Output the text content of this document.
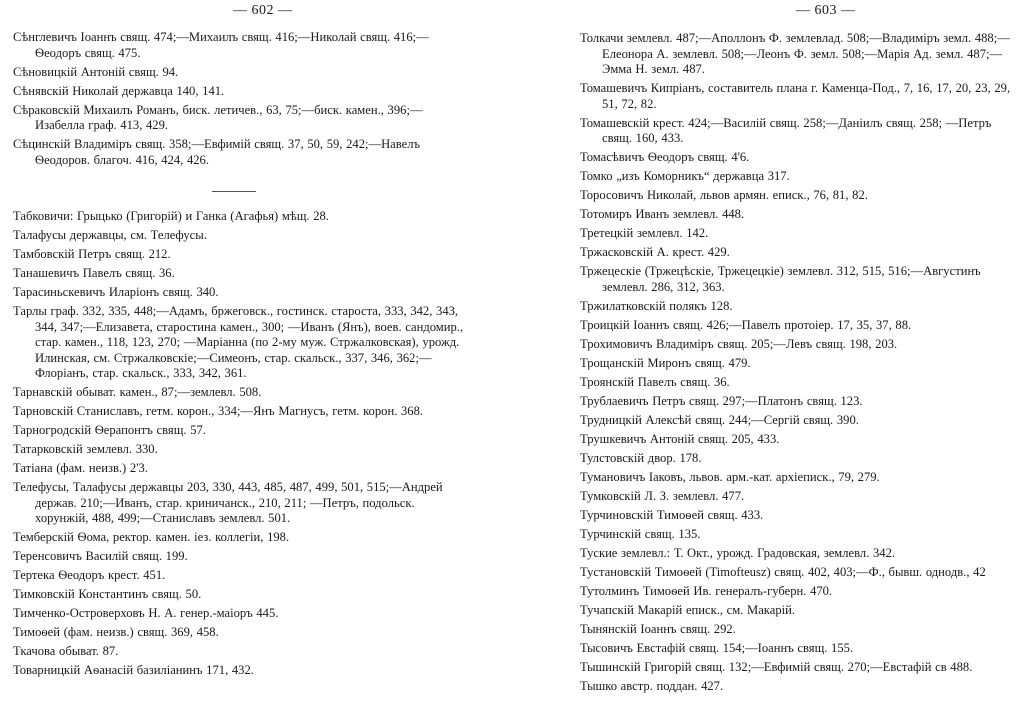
— 602 —
Сѣнглевичъ Іоаннъ свящ. 474;—Михаилъ свящ. 416;—Николай свящ. 416;—Ѳеодоръ свящ. 475.
Сѣновицкій Антоній свящ. 94.
Сѣнявскій Николай державца 140, 141.
Сѣраковскій Михаилъ Романъ, биск. летичев., 63, 75;—биск. камен., 396;—Изабелла граф. 413, 429.
Сѣцинскій Владиміръ свящ. 358;—Евфимій свящ. 37, 50, 59, 242;—Навелъ Ѳеодоров. благоч. 416, 424, 426.
Табковичи: Грыцько (Григорій) и Ганка (Агафья) мѣщ. 28.
Талафусы державцы, см. Телефусы.
Тамбовскій Петръ свящ. 212.
Танашевичъ Павелъ свящ. 36.
Тарасиньскевичъ Иларіонъ свящ. 340.
Тарлы граф. 332, 335, 448;—Адамъ, бржеговск., гостинск. староста, 333, 342, 343, 344, 347;—Елизавета, старостина камен., 300; —Иванъ (Янъ), воев. сандомир., стар. камен., 118, 123, 270; —Маріанна (по 2-му муж. Стржалковская), урожд. Илинская, см. Стржалковскіе;—Симеонъ, стар. скальск., 337, 346, 362;—Флоріанъ, стар. скальск., 333, 342, 361.
Тарнавскій обыват. камен., 87;—землевл. 508.
Тарновскій Станиславъ, гетм. корон., 334;—Янъ Магнусъ, гетм. корон. 368.
Тарногродскій Ѳерапонтъ свящ. 57.
Татарковскій землевл. 330.
Татіана (фам. неизв.) 2'3.
Телефусы, Талафусы державцы 203, 330, 443, 485, 487, 499, 501, 515;—Андрей держав. 210;—Иванъ, стар. криничанск., 210, 211; —Петръ, подольск. хорунжій, 488, 499;—Станиславъ землевл. 501.
Темберскій Ѳома, ректор. камен. іез. коллегіи, 198.
Теренсовичъ Василій свящ. 199.
Тертека Ѳеодоръ крест. 451.
Тимковскій Константинъ свящ. 50.
Тимченко-Островерховъ Н. А. генер.-маіоръ 445.
Тимоѳей (фам. неизв.) свящ. 369, 458.
Ткачова обыват. 87.
Товарницкій Аѳанасій базиліанинъ 171, 432.
— 603 —
Толкачи землевл. 487;—Аполлонъ Ф. землевлад. 508;—Владиміръ земл. 488;—Елеонора А. землевл. 508;—Леонъ Ф. земл. 508;—Марія Ад. земл. 487;—Эмма Н. земл. 487.
Томашевичъ Кипріанъ, составитель плана г. Каменца-Под., 7, 16, 17, 20, 23, 29, 51, 72, 82.
Томашевскій крест. 424;—Василій свящ. 258;—Даніилъ свящ. 258; —Петръ свящ. 160, 433.
Томасѣвичъ Ѳеодоръ свящ. 4'6.
Томко „изъ Коморникъ“ державца 317.
Торосовичъ Николай, львов армян. еписк., 76, 81, 82.
Тотомиръ Иванъ землевл. 448.
Третецкій землевл. 142.
Тржасковскій А. крест. 429.
Тржецескіе (Тржецѣскіе, Тржецецкіе) землевл. 312, 515, 516;—Августинъ землевл. 286, 312, 363.
Тржилатковскій полякъ 128.
Троицкій Іоаннъ свящ. 426;—Павелъ протоіер. 17, 35, 37, 88.
Трохимовичъ Владиміръ свящ. 205;—Левъ свящ. 198, 203.
Трощанскій Миронъ свящ. 479.
Троянскій Павелъ свящ. 36.
Трублаевичъ Петръ свящ. 297;—Платонъ свящ. 123.
Трудницкій Алексѣй свящ. 244;—Сергій свящ. 390.
Трушкевичъ Антоній свящ. 205, 433.
Тулстовскій двор. 178.
Тумановичъ Іаковъ, львов. арм.-кат. архіеписк., 79, 279.
Тумковскій Л. З. землевл. 477.
Турчиновскій Тимоѳей свящ. 433.
Турчинскій свящ. 135.
Туские землевл.: Т. Окт., урожд. Градовская, землевл. 342.
Тустановскій Тимоѳей (Timofteusz) свящ. 402, 403;—Ф., бывш. однодв., 42
Тутолминъ Тимоѳей Ив. генералъ-губерн. 470.
Тучапскій Макарій еписк., см. Макарій.
Тынянскій Іоаннъ свящ. 292.
Тысовичъ Евстафій свящ. 154;—Іоаннъ свящ. 155.
Тышинскій Григорій свящ. 132;—Евфимій свящ. 270;—Евстафій св 488.
Тышко австр. поддан. 427.
